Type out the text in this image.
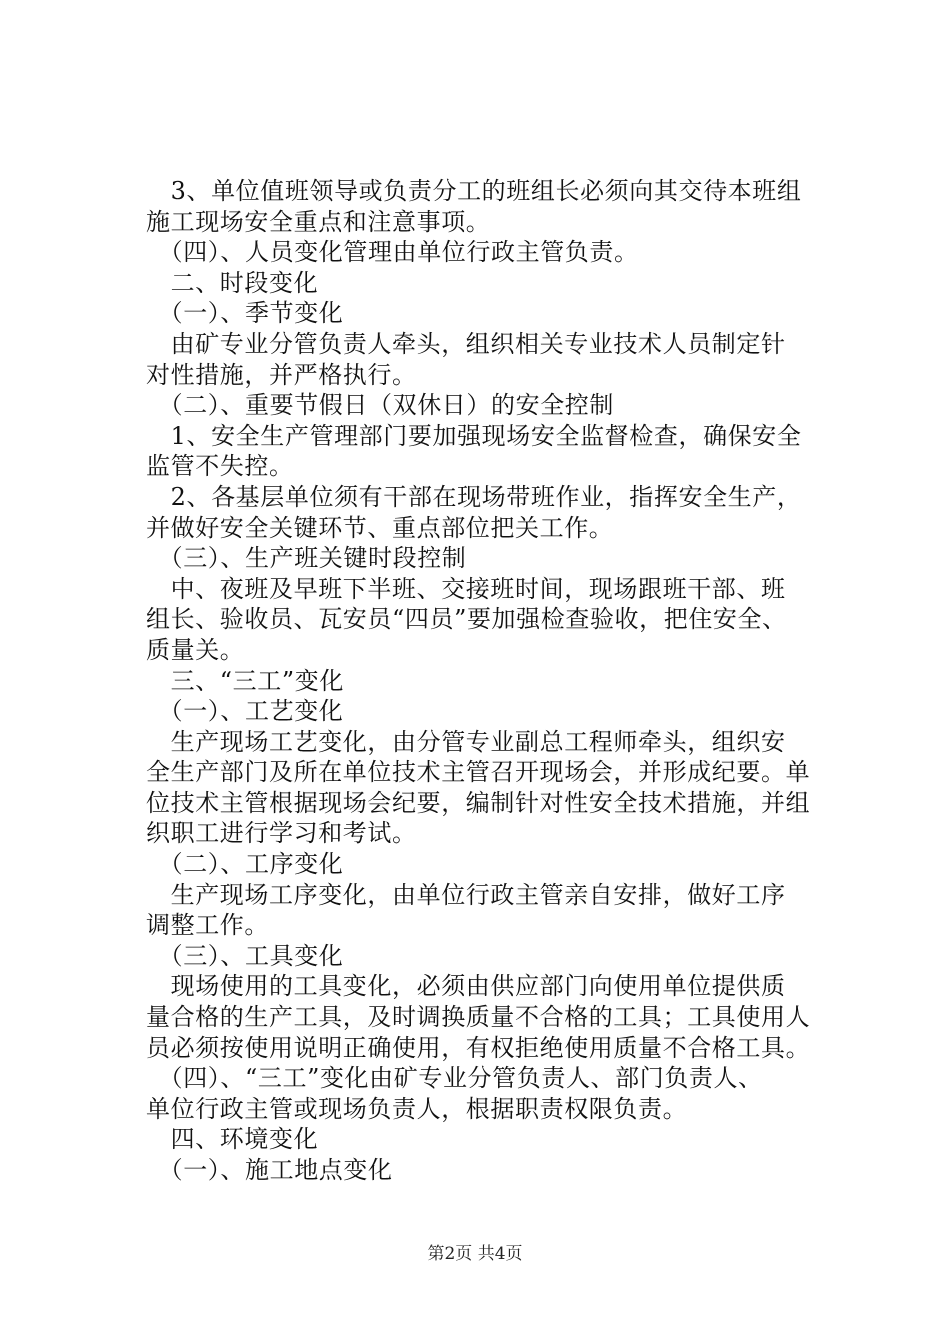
　3、单位值班领导或负责分工的班组长必须向其交待本班组
施工现场安全重点和注意事项。
　（四）、人员变化管理由单位行政主管负责。
　二、时段变化
　（一）、季节变化
　由矿专业分管负责人牵头，组织相关专业技术人员制定针
对性措施，并严格执行。
　（二）、重要节假日（双休日）的安全控制
　1、安全生产管理部门要加强现场安全监督检查，确保安全
监管不失控。
　2、各基层单位须有干部在现场带班作业，指挥安全生产，
并做好安全关键环节、重点部位把关工作。
　（三）、生产班关键时段控制
　中、夜班及早班下半班、交接班时间，现场跟班干部、班
组长、验收员、瓦安员“四员”要加强检查验收，把住安全、
质量关。
　三、“三工”变化
　（一）、工艺变化
　生产现场工艺变化，由分管专业副总工程师牵头，组织安
全生产部门及所在单位技术主管召开现场会，并形成纪要。单
位技术主管根据现场会纪要，编制针对性安全技术措施，并组
织职工进行学习和考试。
　（二）、工序变化
　生产现场工序变化，由单位行政主管亲自安排，做好工序
调整工作。
　（三）、工具变化
　现场使用的工具变化，必须由供应部门向使用单位提供质
量合格的生产工具，及时调换质量不合格的工具；工具使用人
员必须按使用说明正确使用，有权拒绝使用质量不合格工具。
　（四）、“三工”变化由矿专业分管负责人、部门负责人、
单位行政主管或现场负责人，根据职责权限负责。
　四、环境变化
　（一）、施工地点变化
第2页 共4页
